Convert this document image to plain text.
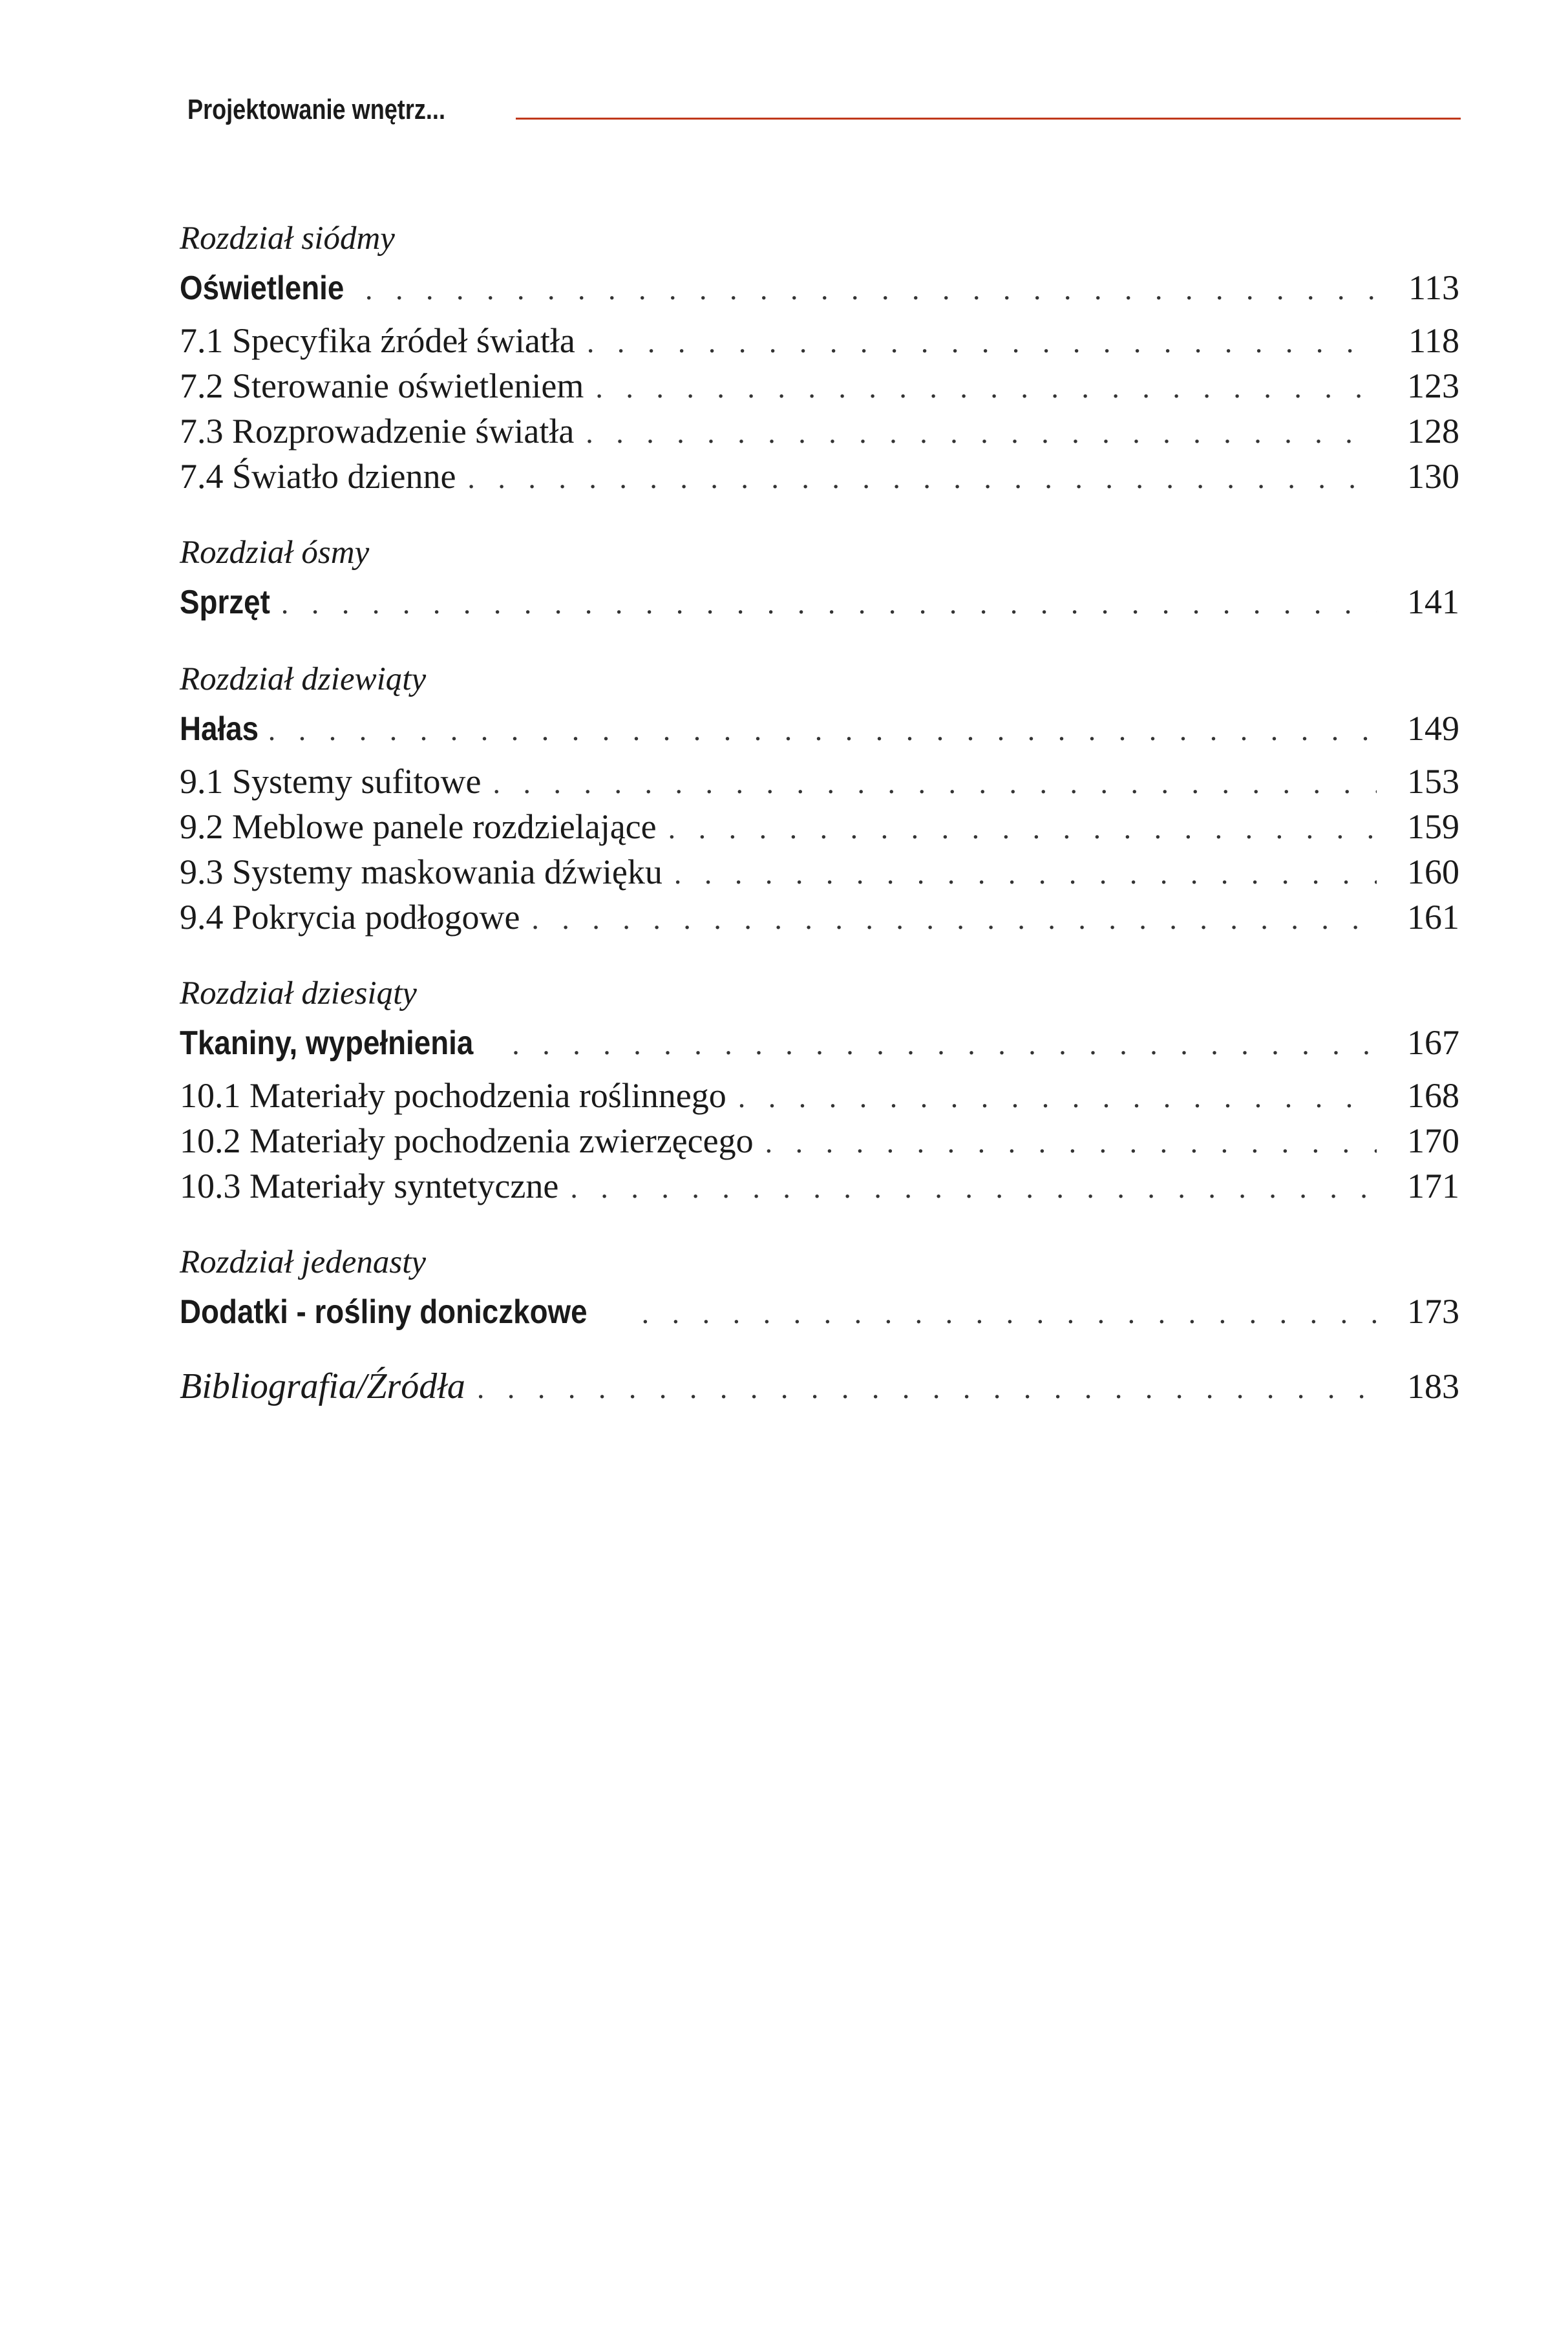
Projektowanie wnętrz...
Rozdział siódmy
Oświetlenie . . .	113
7.1 Specyfika źródeł światła . . .	118
7.2 Sterowanie oświetleniem . . .	123
7.3 Rozprowadzenie światła . . .	128
7.4 Światło dzienne . . .	130
Rozdział ósmy
Sprzęt . . .	141
Rozdział dziewiąty
Hałas . . .	149
9.1 Systemy sufitowe . . .	153
9.2 Meblowe panele rozdzielające . . .	159
9.3 Systemy maskowania dźwięku . . .	160
9.4 Pokrycia podłogowe . . .	161
Rozdział dziesiąty
Tkaniny, wypełnienia . . .	167
10.1 Materiały pochodzenia roślinnego . . .	168
10.2 Materiały pochodzenia zwierzęcego . . .	170
10.3 Materiały syntetyczne . . .	171
Rozdział jedenasty
Dodatki - rośliny doniczkowe . . .	173
Bibliografia/Źródła . . .	183
